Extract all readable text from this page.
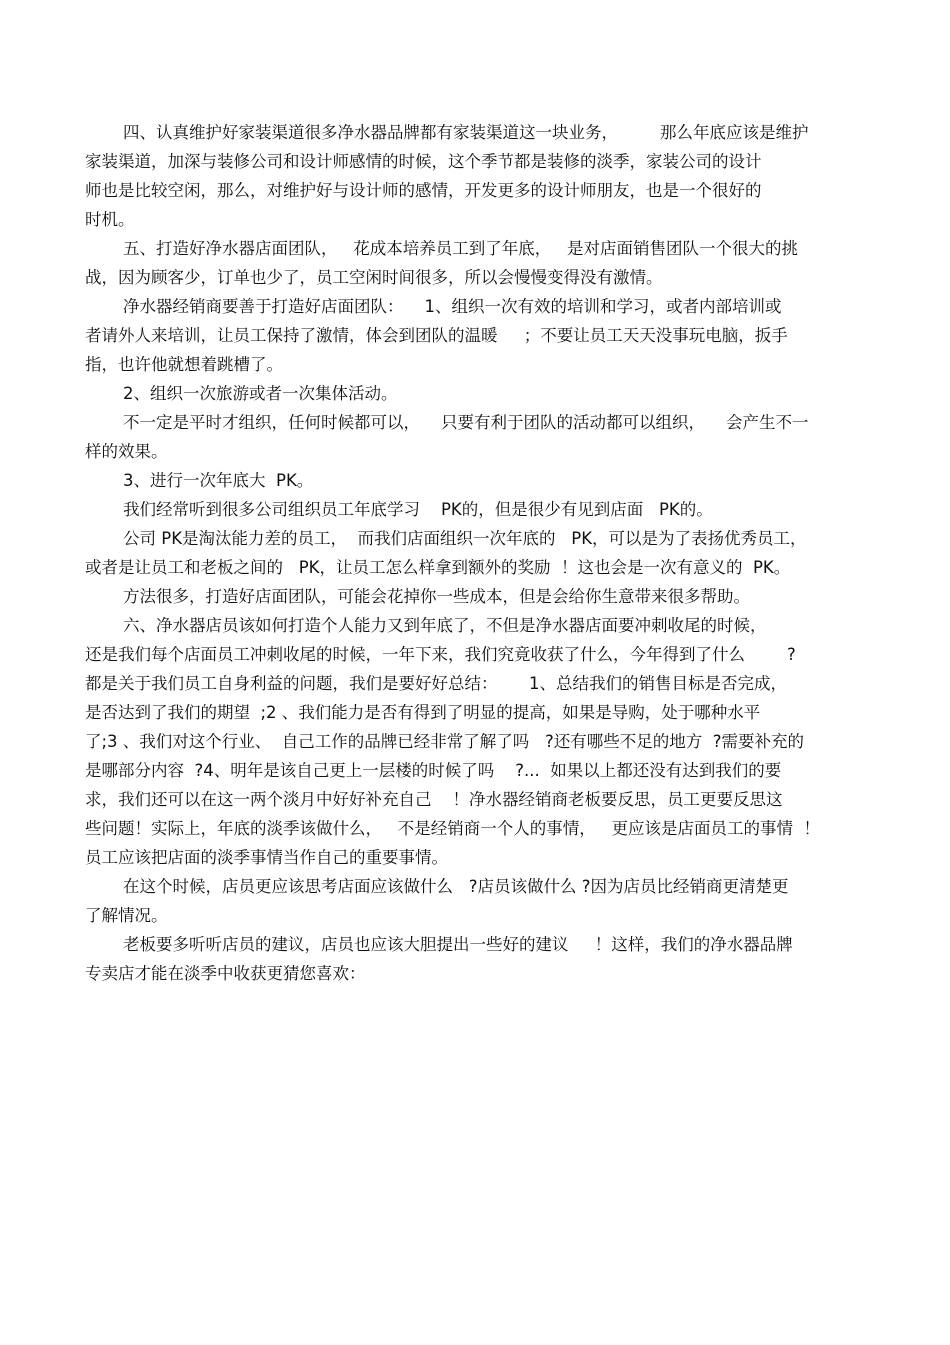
四、认真维护好家装渠道很多净水器品牌都有家装渠道这一块业务，        那么年底应该是维护
家装渠道，加深与装修公司和设计师感情的时候，这个季节都是装修的淡季，家装公司的设计
师也是比较空闲，那么，对维护好与设计师的感情，开发更多的设计师朋友，也是一个很好的
时机。
五、打造好净水器店面团队，   花成本培养员工到了年底，   是对店面销售团队一个很大的挑
战，因为顾客少，订单也少了，员工空闲时间很多，所以会慢慢变得没有激情。
净水器经销商要善于打造好店面团队：    1、组织一次有效的培训和学习，或者内部培训或
者请外人来培训，让员工保持了激情，体会到团队的温暖     ；不要让员工天天没事玩电脑，扳手
指，也许他就想着跳槽了。
2、组织一次旅游或者一次集体活动。
不一定是平时才组织，任何时候都可以，    只要有利于团队的活动都可以组织，    会产生不一
样的效果。
3、进行一次年底大  PK。
我们经常听到很多公司组织员工年底学习    PK的，但是很少有见到店面   PK的。
公司 PK是淘汰能力差的员工，  而我们店面组织一次年底的   PK，可以是为了表扬优秀员工，
或者是让员工和老板之间的   PK，让员工怎么样拿到额外的奖励  ！这也会是一次有意义的  PK。
方法很多，打造好店面团队，可能会花掉你一些成本，但是会给你生意带来很多帮助。
六、净水器店员该如何打造个人能力又到年底了，不但是净水器店面要冲刺收尾的时候，
还是我们每个店面员工冲刺收尾的时候，一年下来，我们究竟收获了什么，今年得到了什么        ?
都是关于我们员工自身利益的问题，我们是要好好总结：      1、总结我们的销售目标是否完成，
是否达到了我们的期望  ;2 、我们能力是否有得到了明显的提高，如果是导购，处于哪种水平
了;3 、我们对这个行业、  自己工作的品牌已经非常了解了吗   ?还有哪些不足的地方  ?需要补充的
是哪部分内容  ?4、明年是该自己更上一层楼的时候了吗    ?...  如果以上都还没有达到我们的要
求，我们还可以在这一两个淡月中好好补充自己    ！净水器经销商老板要反思，员工更要反思这
些问题！实际上，年底的淡季该做什么，   不是经销商一个人的事情，   更应该是店面员工的事情  ！
员工应该把店面的淡季事情当作自己的重要事情。
在这个时候，店员更应该思考店面应该做什么   ?店员该做什么 ?因为店员比经销商更清楚更
了解情况。
老板要多听听店员的建议，店员也应该大胆提出一些好的建议     ！这样，我们的净水器品牌
专卖店才能在淡季中收获更猜您喜欢：
